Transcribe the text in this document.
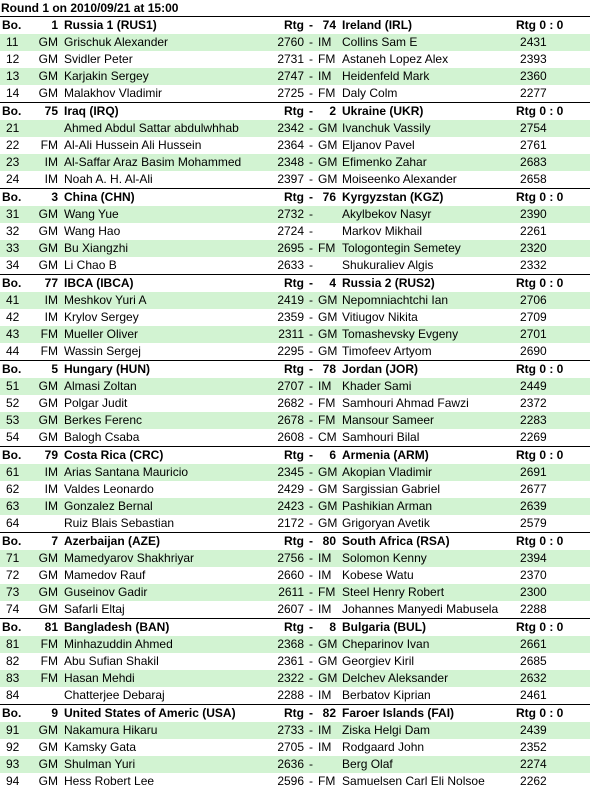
Round 1 on 2010/09/21 at 15:00
Bo.	1	Russia 1 (RUS1)	Rtg	-	74	Ireland (IRL)	Rtg 0 : 0
11	GM	Grischuk Alexander	2760	-	IM	Collins Sam E	2431
12	GM	Svidler Peter	2731	-	FM	Astaneh Lopez Alex	2393
13	GM	Karjakin Sergey	2747	-	IM	Heidenfeld Mark	2360
14	GM	Malakhov Vladimir	2725	-	FM	Daly Colm	2277
Bo.	75	Iraq (IRQ)	Rtg	-	2	Ukraine (UKR)	Rtg 0 : 0
21		Ahmed Abdul Sattar abdulwhhab	2342	-	GM	Ivanchuk Vassily	2754
22	FM	Al-Ali Hussein Ali Hussein	2364	-	GM	Eljanov Pavel	2761
23	IM	Al-Saffar Araz Basim Mohammed	2348	-	GM	Efimenko Zahar	2683
24	IM	Noah A. H. Al-Ali	2397	-	GM	Moiseenko Alexander	2658
Bo.	3	China (CHN)	Rtg	-	76	Kyrgyzstan (KGZ)	Rtg 0 : 0
31	GM	Wang Yue	2732	-		Akylbekov Nasyr	2390
32	GM	Wang Hao	2724	-		Markov Mikhail	2261
33	GM	Bu Xiangzhi	2695	-	FM	Tologontegin Semetey	2320
34	GM	Li Chao B	2633	-		Shukuraliev Algis	2332
Bo.	77	IBCA (IBCA)	Rtg	-	4	Russia 2 (RUS2)	Rtg 0 : 0
41	IM	Meshkov Yuri A	2419	-	GM	Nepomniachtchi Ian	2706
42	IM	Krylov Sergey	2359	-	GM	Vitiugov Nikita	2709
43	FM	Mueller Oliver	2311	-	GM	Tomashevsky Evgeny	2701
44	FM	Wassin Sergej	2295	-	GM	Timofeev Artyom	2690
Bo.	5	Hungary (HUN)	Rtg	-	78	Jordan (JOR)	Rtg 0 : 0
51	GM	Almasi Zoltan	2707	-	IM	Khader Sami	2449
52	GM	Polgar Judit	2682	-	FM	Samhouri Ahmad Fawzi	2372
53	GM	Berkes Ferenc	2678	-	FM	Mansour Sameer	2283
54	GM	Balogh Csaba	2608	-	CM	Samhouri Bilal	2269
Bo.	79	Costa Rica (CRC)	Rtg	-	6	Armenia (ARM)	Rtg 0 : 0
61	IM	Arias Santana Mauricio	2345	-	GM	Akopian Vladimir	2691
62	IM	Valdes Leonardo	2429	-	GM	Sargissian Gabriel	2677
63	IM	Gonzalez Bernal	2423	-	GM	Pashikian Arman	2639
64		Ruiz Blais Sebastian	2172	-	GM	Grigoryan Avetik	2579
Bo.	7	Azerbaijan (AZE)	Rtg	-	80	South Africa (RSA)	Rtg 0 : 0
71	GM	Mamedyarov Shakhriyar	2756	-	IM	Solomon Kenny	2394
72	GM	Mamedov Rauf	2660	-	IM	Kobese Watu	2370
73	GM	Guseinov Gadir	2611	-	FM	Steel Henry Robert	2300
74	GM	Safarli Eltaj	2607	-	IM	Johannes Manyedi Mabusela	2288
Bo.	81	Bangladesh (BAN)	Rtg	-	8	Bulgaria (BUL)	Rtg 0 : 0
81	FM	Minhazuddin Ahmed	2368	-	GM	Cheparinov Ivan	2661
82	FM	Abu Sufian Shakil	2361	-	GM	Georgiev Kiril	2685
83	FM	Hasan Mehdi	2322	-	GM	Delchev Aleksander	2632
84		Chatterjee Debaraj	2288	-	IM	Berbatov Kiprian	2461
Bo.	9	United States of Americ (USA)	Rtg	-	82	Faroer Islands (FAI)	Rtg 0 : 0
91	GM	Nakamura Hikaru	2733	-	IM	Ziska Helgi Dam	2439
92	GM	Kamsky Gata	2705	-	IM	Rodgaard John	2352
93	GM	Shulman Yuri	2636	-		Berg Olaf	2274
94	GM	Hess Robert Lee	2596	-	FM	Samuelsen Carl Eli Nolsoe	2262
